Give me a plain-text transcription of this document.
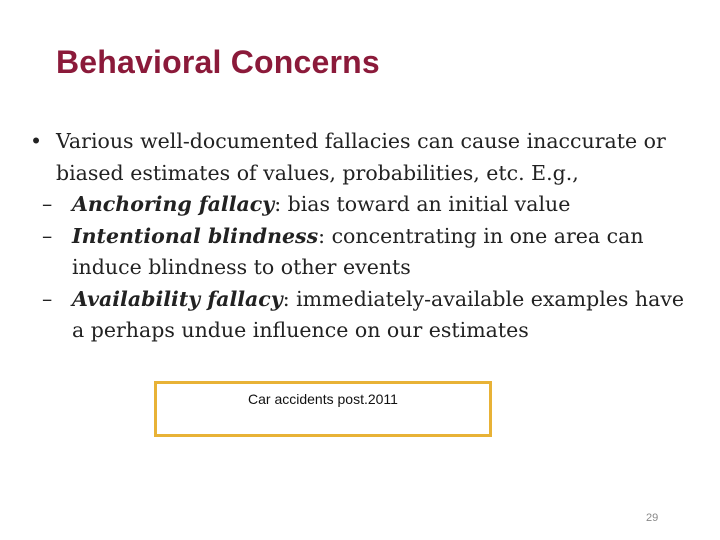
Behavioral Concerns
• Various well-documented fallacies can cause inaccurate or biased estimates of values, probabilities, etc. E.g.,
– Anchoring fallacy: bias toward an initial value
– Intentional blindness: concentrating in one area can induce blindness to other events
– Availability fallacy: immediately-available examples have a perhaps undue influence on our estimates
Car accidents post.2011
29
